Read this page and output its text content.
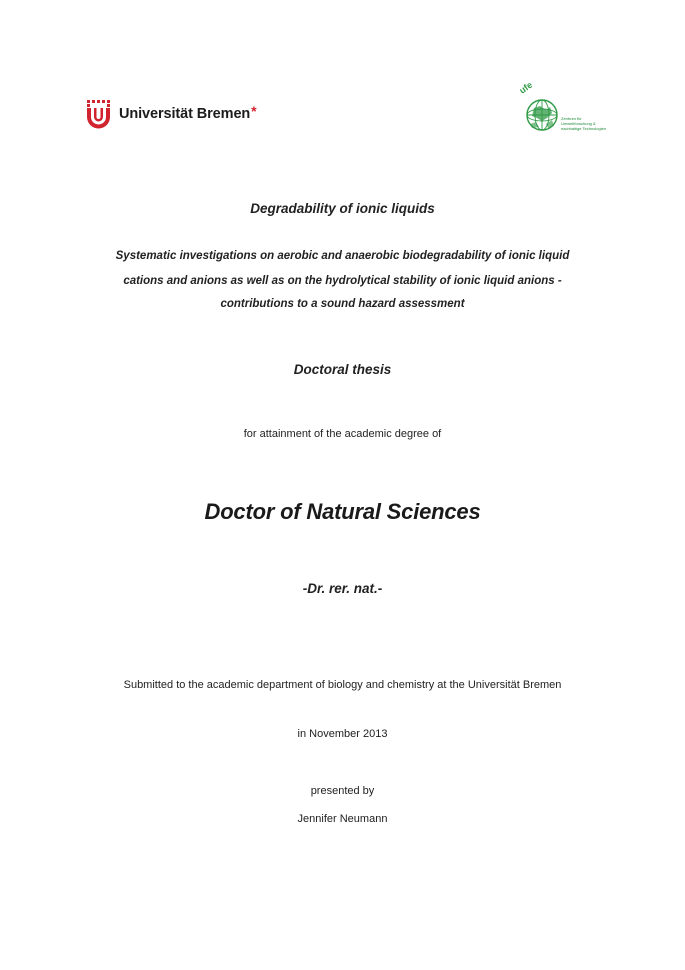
Universität Bremen *
ufe
Zentrum für
Umweltforschung &
nachhaltige Technologien
Degradability of ionic liquids
Systematic investigations on aerobic and anaerobic biodegradability of ionic liquid
cations and anions as well as on the hydrolytical stability of ionic liquid anions -
contributions to a sound hazard assessment
Doctoral thesis
for attainment of the academic degree of
Doctor of Natural Sciences
-Dr. rer. nat.-
Submitted to the academic department of biology and chemistry at the Universität Bremen
in November 2013
presented by
Jennifer Neumann
